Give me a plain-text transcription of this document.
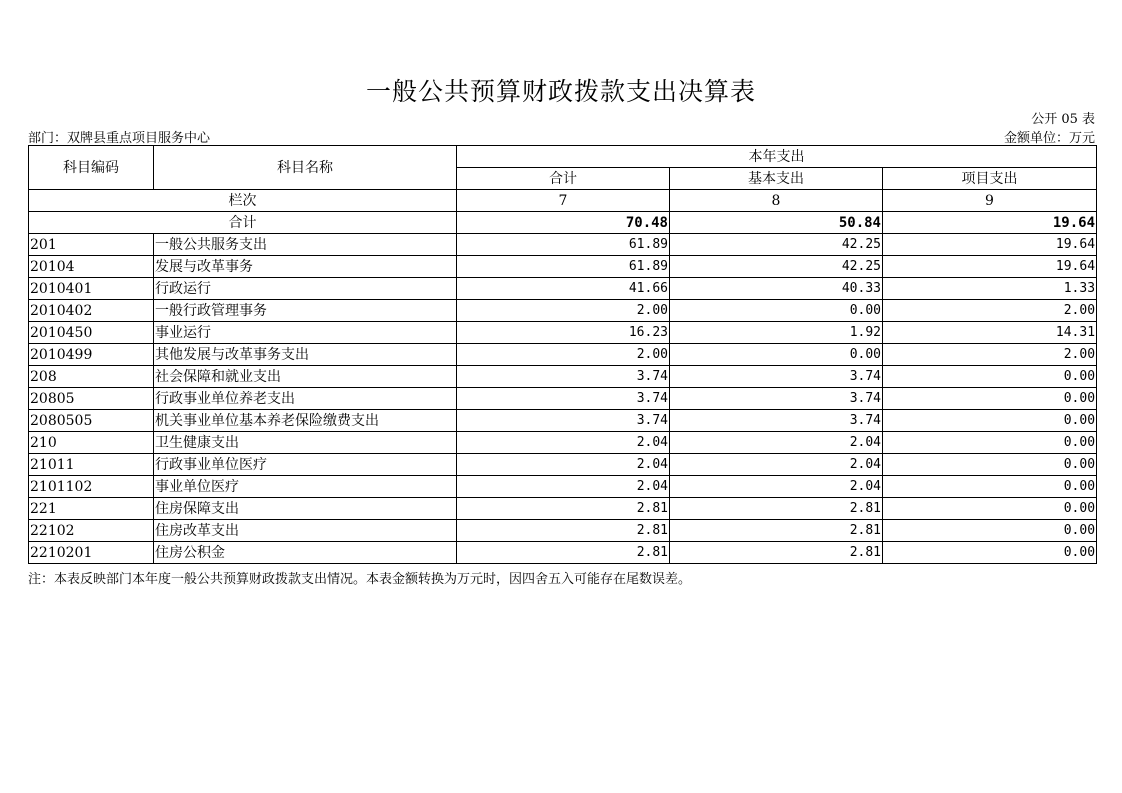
一般公共预算财政拨款支出决算表
公开 05 表
部门：双牌县重点项目服务中心	金额单位：万元
科目编码	科目名称	本年支出		
		合计	基本支出	项目支出
栏次		7	8	9
合计		70.48	50.84	19.64
201	一般公共服务支出	61.89	42.25	19.64
20104	发展与改革事务	61.89	42.25	19.64
2010401	行政运行	41.66	40.33	1.33
2010402	一般行政管理事务	2.00	0.00	2.00
2010450	事业运行	16.23	1.92	14.31
2010499	其他发展与改革事务支出	2.00	0.00	2.00
208	社会保障和就业支出	3.74	3.74	0.00
20805	行政事业单位养老支出	3.74	3.74	0.00
2080505	机关事业单位基本养老保险缴费支出	3.74	3.74	0.00
210	卫生健康支出	2.04	2.04	0.00
21011	行政事业单位医疗	2.04	2.04	0.00
2101102	事业单位医疗	2.04	2.04	0.00
221	住房保障支出	2.81	2.81	0.00
22102	住房改革支出	2.81	2.81	0.00
2210201	住房公积金	2.81	2.81	0.00
注：本表反映部门本年度一般公共预算财政拨款支出情况。本表金额转换为万元时，因四舍五入可能存在尾数误差。
